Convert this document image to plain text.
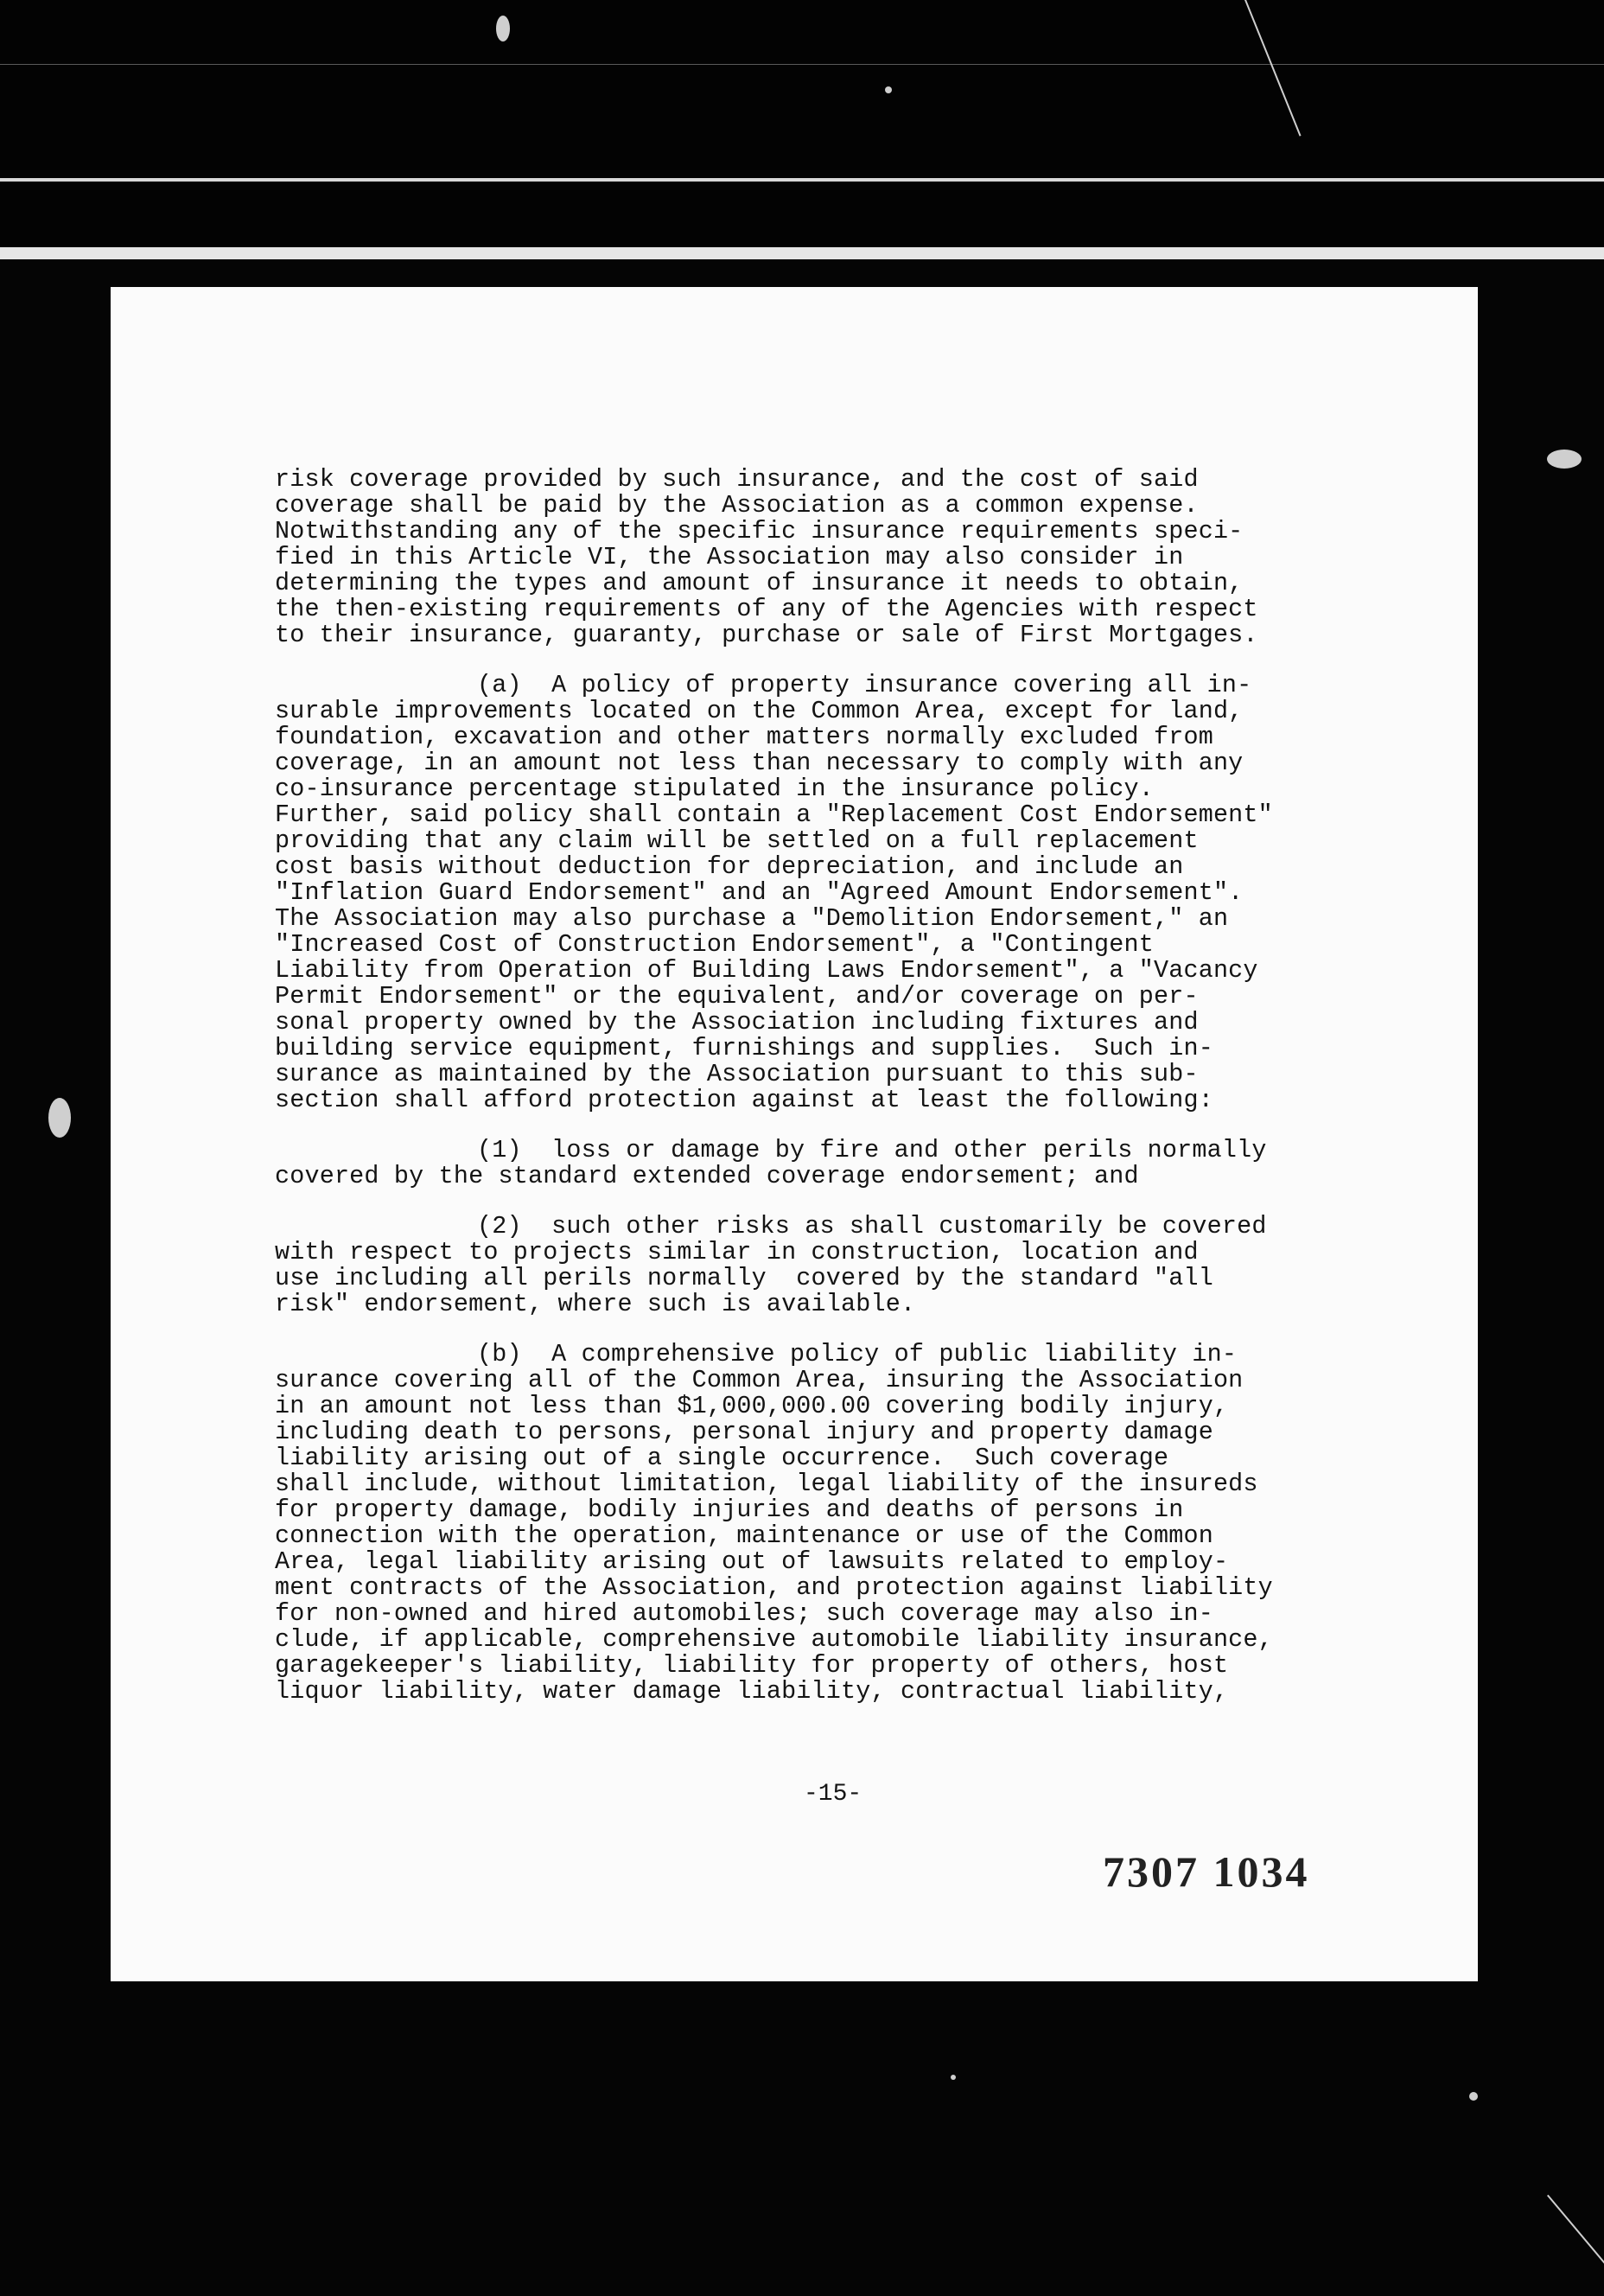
risk coverage provided by such insurance, and the cost of said
coverage shall be paid by the Association as a common expense.
Notwithstanding any of the specific insurance requirements speci-
fied in this Article VI, the Association may also consider in
determining the types and amount of insurance it needs to obtain,
the then-existing requirements of any of the Agencies with respect
to their insurance, guaranty, purchase or sale of First Mortgages.
(a)  A policy of property insurance covering all in-
surable improvements located on the Common Area, except for land,
foundation, excavation and other matters normally excluded from
coverage, in an amount not less than necessary to comply with any
co-insurance percentage stipulated in the insurance policy.
Further, said policy shall contain a "Replacement Cost Endorsement"
providing that any claim will be settled on a full replacement
cost basis without deduction for depreciation, and include an
"Inflation Guard Endorsement" and an "Agreed Amount Endorsement".
The Association may also purchase a "Demolition Endorsement," an
"Increased Cost of Construction Endorsement", a "Contingent
Liability from Operation of Building Laws Endorsement", a "Vacancy
Permit Endorsement" or the equivalent, and/or coverage on per-
sonal property owned by the Association including fixtures and
building service equipment, furnishings and supplies.  Such in-
surance as maintained by the Association pursuant to this sub-
section shall afford protection against at least the following:
(1)  loss or damage by fire and other perils normally
covered by the standard extended coverage endorsement; and
(2)  such other risks as shall customarily be covered
with respect to projects similar in construction, location and
use including all perils normally  covered by the standard "all
risk" endorsement, where such is available.
(b)  A comprehensive policy of public liability in-
surance covering all of the Common Area, insuring the Association
in an amount not less than $1,000,000.00 covering bodily injury,
including death to persons, personal injury and property damage
liability arising out of a single occurrence.  Such coverage
shall include, without limitation, legal liability of the insureds
for property damage, bodily injuries and deaths of persons in
connection with the operation, maintenance or use of the Common
Area, legal liability arising out of lawsuits related to employ-
ment contracts of the Association, and protection against liability
for non-owned and hired automobiles; such coverage may also in-
clude, if applicable, comprehensive automobile liability insurance,
garagekeeper's liability, liability for property of others, host
liquor liability, water damage liability, contractual liability,
-15-
7307 1034
